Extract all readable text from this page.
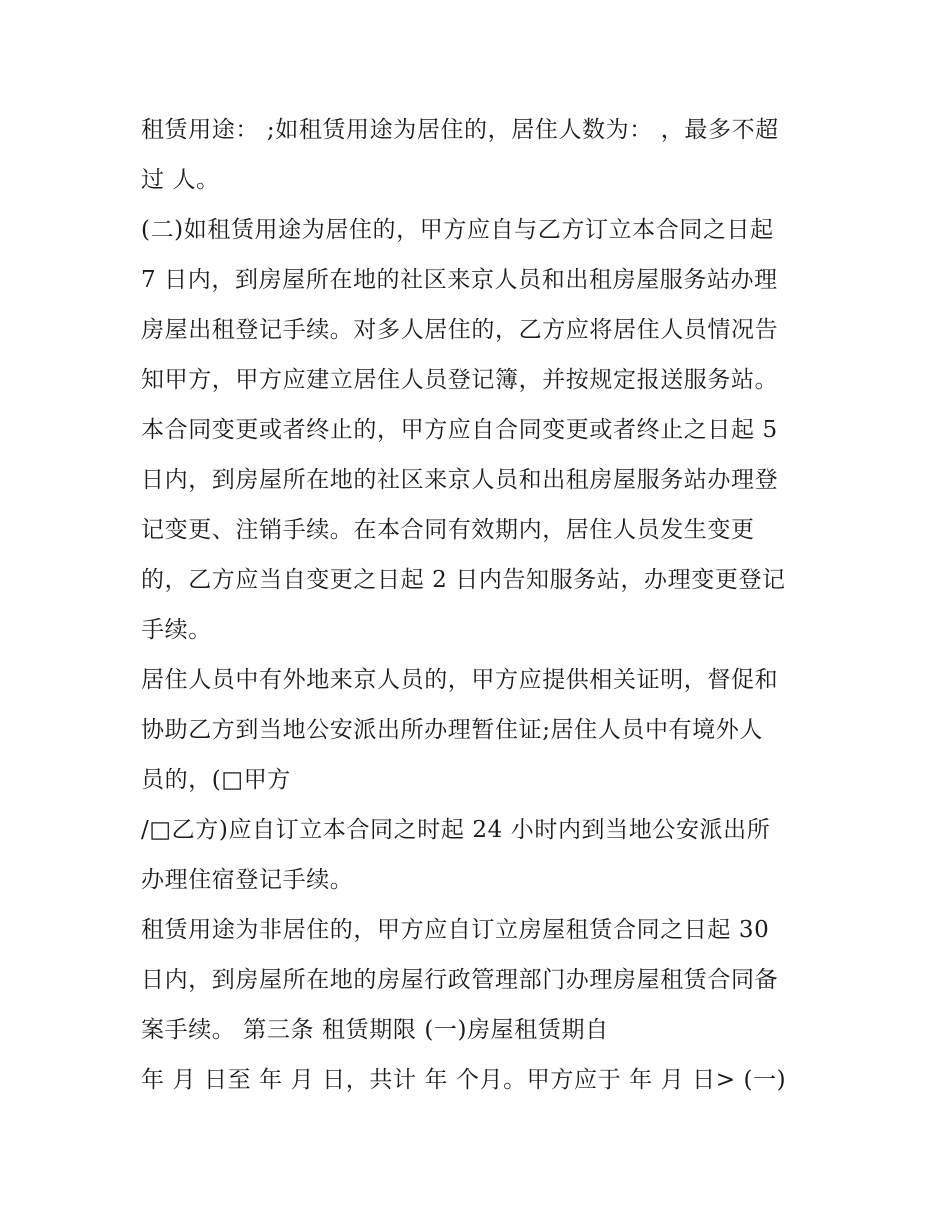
租赁用途： ;如租赁用途为居住的，居住人数为： ，最多不超
过 人。
(二)如租赁用途为居住的，甲方应自与乙方订立本合同之日起
7 日内，到房屋所在地的社区来京人员和出租房屋服务站办理
房屋出租登记手续。对多人居住的，乙方应将居住人员情况告
知甲方，甲方应建立居住人员登记簿，并按规定报送服务站。
本合同变更或者终止的，甲方应自合同变更或者终止之日起 5
日内，到房屋所在地的社区来京人员和出租房屋服务站办理登
记变更、注销手续。在本合同有效期内，居住人员发生变更
的，乙方应当自变更之日起 2 日内告知服务站，办理变更登记
手续。
居住人员中有外地来京人员的，甲方应提供相关证明，督促和
协助乙方到当地公安派出所办理暂住证;居住人员中有境外人
员的，(□甲方
/□乙方)应自订立本合同之时起 24 小时内到当地公安派出所
办理住宿登记手续。
租赁用途为非居住的，甲方应自订立房屋租赁合同之日起 30
日内，到房屋所在地的房屋行政管理部门办理房屋租赁合同备
案手续。 第三条 租赁期限 (一)房屋租赁期自
年 月 日至 年 月 日，共计 年 个月。甲方应于 年 月 日> (一)
